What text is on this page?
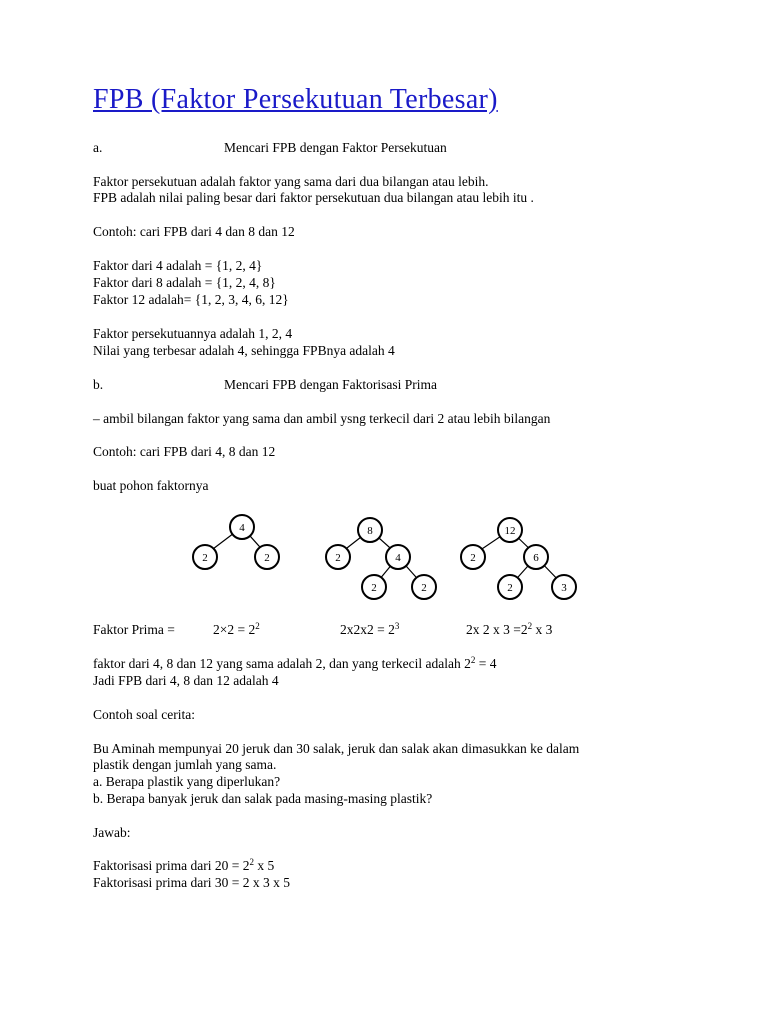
FPB (Faktor Persekutuan Terbesar)
a.	Mencari FPB dengan Faktor Persekutuan
Faktor persekutuan adalah faktor yang sama dari dua bilangan atau lebih.
FPB adalah nilai paling besar dari faktor persekutuan dua bilangan atau lebih itu .
Contoh: cari FPB dari 4 dan 8 dan 12
Faktor dari 4 adalah = {1, 2, 4}
Faktor dari 8 adalah = {1, 2, 4, 8}
Faktor 12 adalah= {1, 2, 3, 4, 6, 12}
Faktor persekutuannya adalah 1, 2, 4
Nilai yang terbesar adalah 4, sehingga FPBnya adalah 4
b.	Mencari FPB dengan Faktorisasi Prima
– ambil bilangan faktor yang sama dan ambil ysng terkecil dari 2 atau lebih bilangan
Contoh: cari FPB dari 4, 8 dan 12
buat pohon faktornya
4
2	2
8
2	4
2	2
12
2	6
2	3
Faktor Prima =	$2\times 2 = 2^2$	$2x2x2 = 2^3$	2x 2 x $3 =2^2$ x 3
faktor dari 4, 8 dan 12 yang sama adalah 2, dan yang terkecil adalah $2^2 = 4$
Jadi FPB dari 4, 8 dan 12 adalah 4
Contoh soal cerita:
Bu Aminah mempunyai 20 jeruk dan 30 salak, jeruk dan salak akan dimasukkan ke dalam
plastik dengan jumlah yang sama.
a. Berapa plastik yang diperlukan?
b. Berapa banyak jeruk dan salak pada masing-masing plastik?
Jawab:
Faktorisasi prima dari $20 = 2^2$ x 5
Faktorisasi prima dari 30 = 2 x 3 x 5
